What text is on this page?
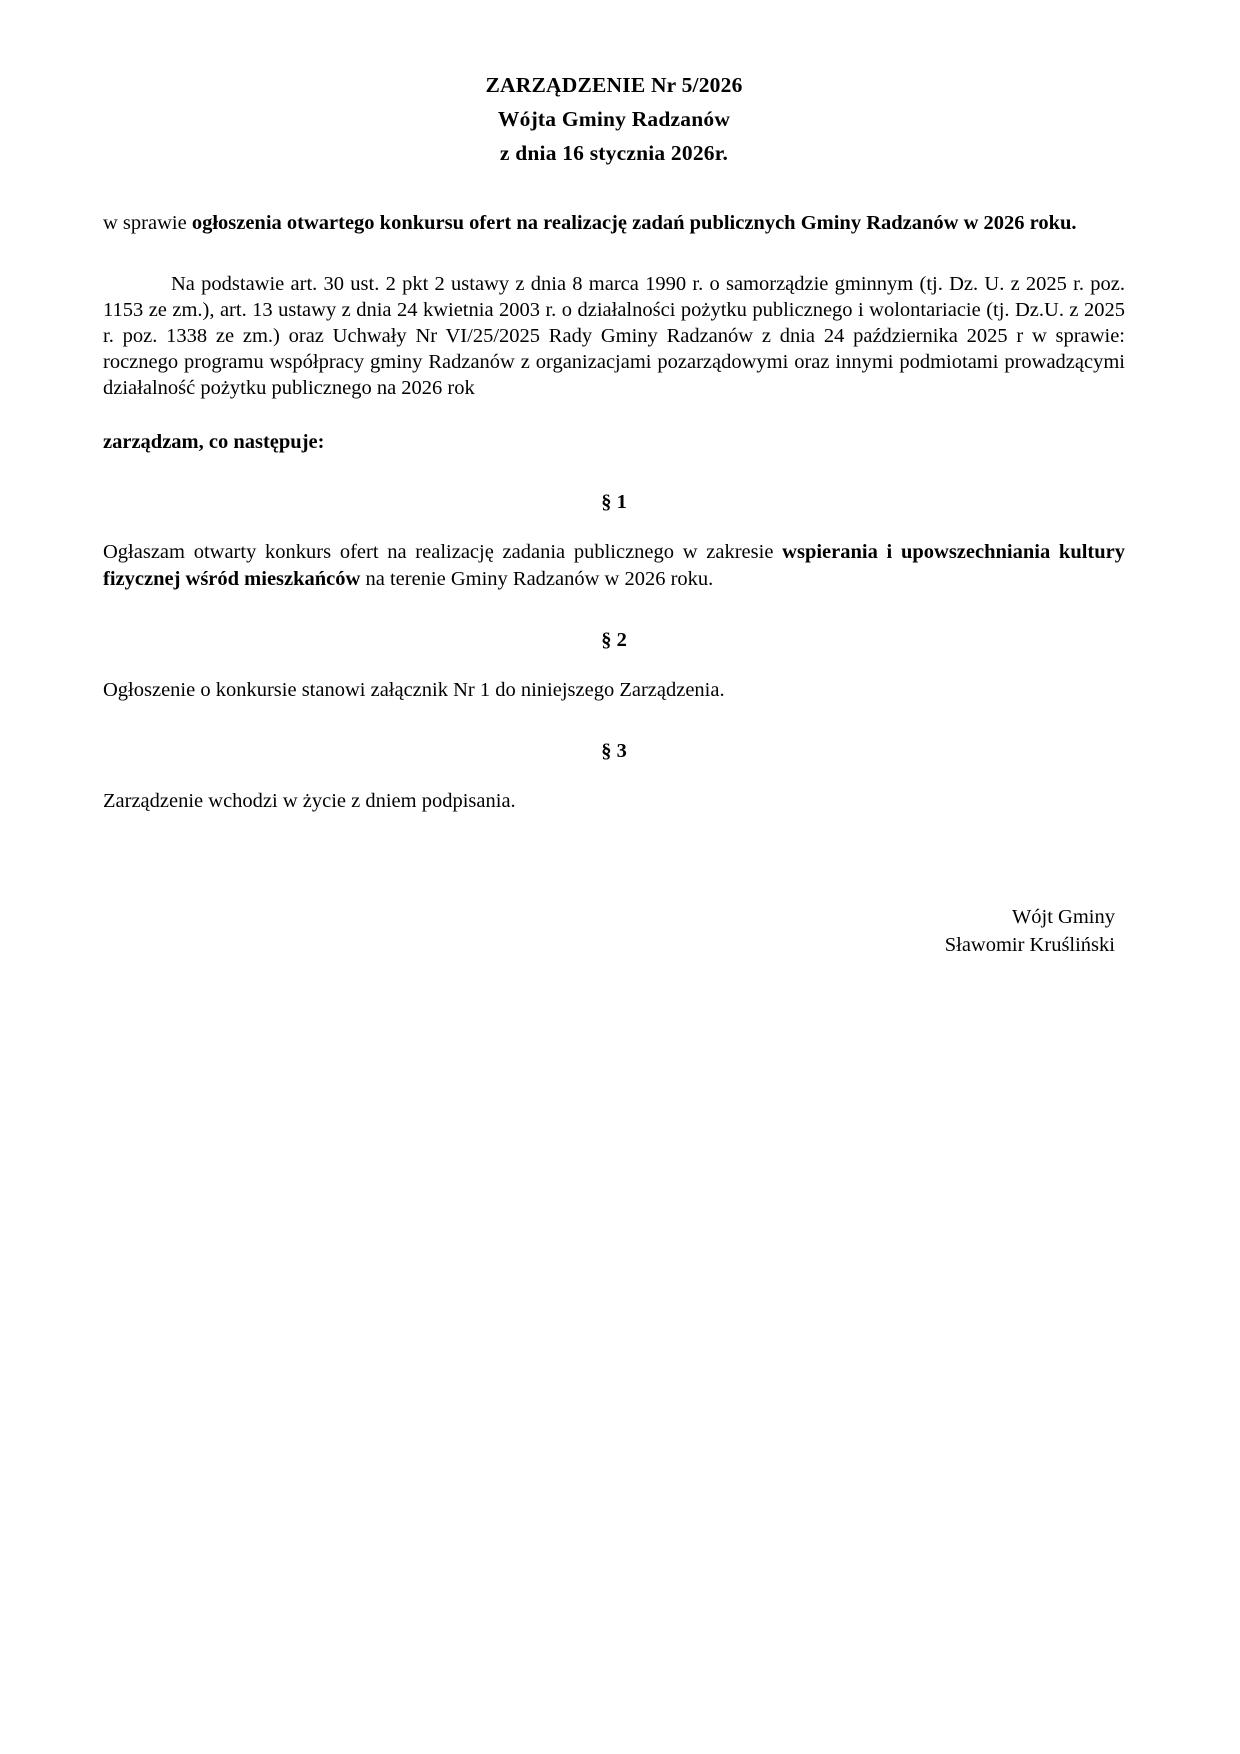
ZARZĄDZENIE Nr 5/2026
Wójta Gminy Radzanów
z dnia 16 stycznia 2026r.
w sprawie ogłoszenia otwartego konkursu ofert na realizację zadań publicznych Gminy Radzanów w 2026 roku.
Na podstawie art. 30 ust. 2 pkt 2 ustawy z dnia 8 marca 1990 r. o samorządzie gminnym (tj. Dz. U. z 2025 r. poz. 1153 ze zm.), art. 13 ustawy z dnia 24 kwietnia 2003 r. o działalności pożytku publicznego i wolontariacie (tj. Dz.U. z 2025 r. poz. 1338 ze zm.) oraz Uchwały Nr VI/25/2025 Rady Gminy Radzanów z dnia 24 października 2025 r w sprawie: rocznego programu współpracy gminy Radzanów z organizacjami pozarządowymi oraz innymi podmiotami prowadzącymi działalność pożytku publicznego na 2026 rok
zarządzam, co następuje:
§ 1
Ogłaszam otwarty konkurs ofert na realizację zadania publicznego w zakresie wspierania i upowszechniania kultury fizycznej wśród mieszkańców na terenie Gminy Radzanów w 2026 roku.
§ 2
Ogłoszenie o konkursie stanowi załącznik Nr 1 do niniejszego Zarządzenia.
§ 3
Zarządzenie wchodzi w życie z dniem podpisania.
Wójt Gminy
Sławomir Kruśliński
